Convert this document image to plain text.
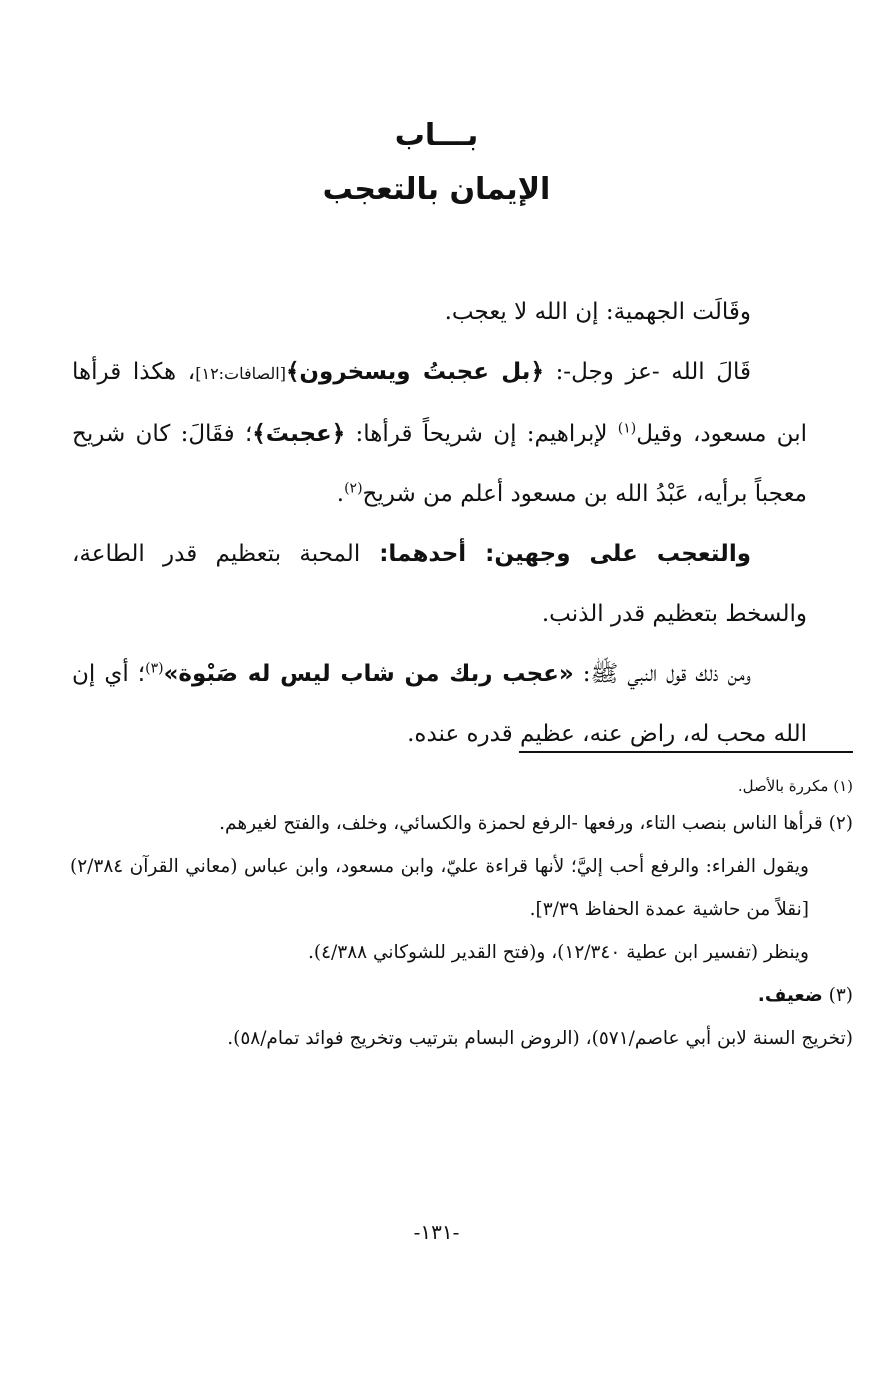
بـــاب
الإيمان بالتعجب

وقَالَت الجهمية: إن الله لا يعجب.

قَالَ الله -عز وجل-: ﴿بل عجبتُ ويسخرون﴾[الصافات:١٢]، هكذا قرأها ابن مسعود، وقيل$^{(١)}$ لإبراهيم: إن شريحاً قرأها: ﴿عجبتَ﴾؛ فقَالَ: كان شريح معجباً برأيه، عَبْدُ الله بن مسعود أعلم من شريح$^{(٢)}$.

والتعجب على وجهين: أحدهما: المحبة بتعظيم قدر الطاعة، والسخط بتعظيم قدر الذنب.

ومن ذلك قول النبي ﷺ: «عجب ربك من شاب ليس له صَبْوة»$^{(٣)}$؛ أي إن الله محب له، راض عنه، عظيم قدره عنده.

(١) مكررة بالأصل.

(٢) قرأها الناس بنصب التاء، ورفعها -الرفع لحمزة والكسائي، وخلف، والفتح لغيرهم.

ويقول الفراء: والرفع أحب إليَّ؛ لأنها قراءة عليّ، وابن مسعود، وابن عباس (معاني القرآن ٢/٣٨٤) [نقلاً من حاشية عمدة الحفاظ ٣/٣٩].

وينظر (تفسير ابن عطية ١٢/٣٤٠)، و(فتح القدير للشوكاني ٤/٣٨٨).

(٣) ضعيف.

(تخريج السنة لابن أبي عاصم/٥٧١)، (الروض البسام بترتيب وتخريج فوائد تمام/٥٨).

-١٣١-
